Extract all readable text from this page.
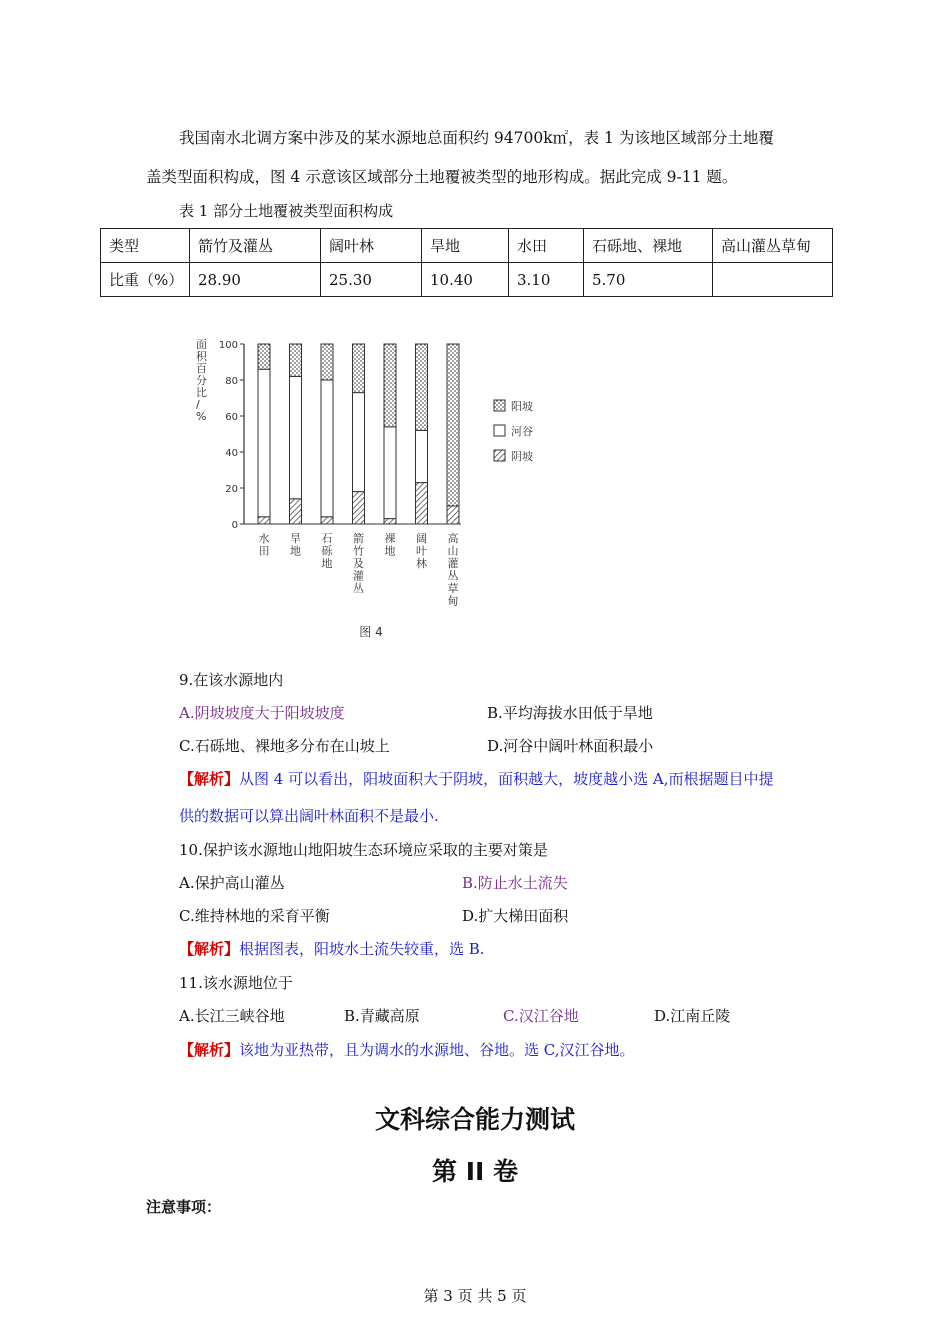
我国南水北调方案中涉及的某水源地总面积约 94700k㎡，表 1 为该地区域部分土地覆
盖类型面积构成，图 4 示意该区域部分土地覆被类型的地形构成。据此完成 9-11 题。
表 1 部分土地覆被类型面积构成
类型	箭竹及灌丛	阔叶林	旱地	水田	石砾地、裸地	高山灌丛草甸
比重（%）	28.90	25.30	10.40	3.10	5.70	
面积百分比/ %
0
20
40
60
80
100
水田
旱地
石砾地
箭竹及灌丛
裸地
阔叶林
高山灌丛草甸
阳坡
河谷
阴坡
图 4
9.在该水源地内
A.阴坡坡度大于阳坡坡度	B.平均海拔水田低于旱地
C.石砾地、裸地多分布在山坡上	D.河谷中阔叶林面积最小
【解析】从图 4 可以看出，阳坡面积大于阴坡，面积越大，坡度越小选 A,而根据题目中提
供的数据可以算出阔叶林面积不是最小.
10.保护该水源地山地阳坡生态环境应采取的主要对策是
A.保护高山灌丛	B.防止水土流失
C.维持林地的采育平衡	D.扩大梯田面积
【解析】根据图表，阳坡水土流失较重，选 B.
11.该水源地位于
A.长江三峡谷地	B.青藏高原	C.汉江谷地	D.江南丘陵
【解析】该地为亚热带，且为调水的水源地、谷地。选 C,汉江谷地。
文科综合能力测试
第 II 卷
注意事项：
第 3 页 共 5 页
